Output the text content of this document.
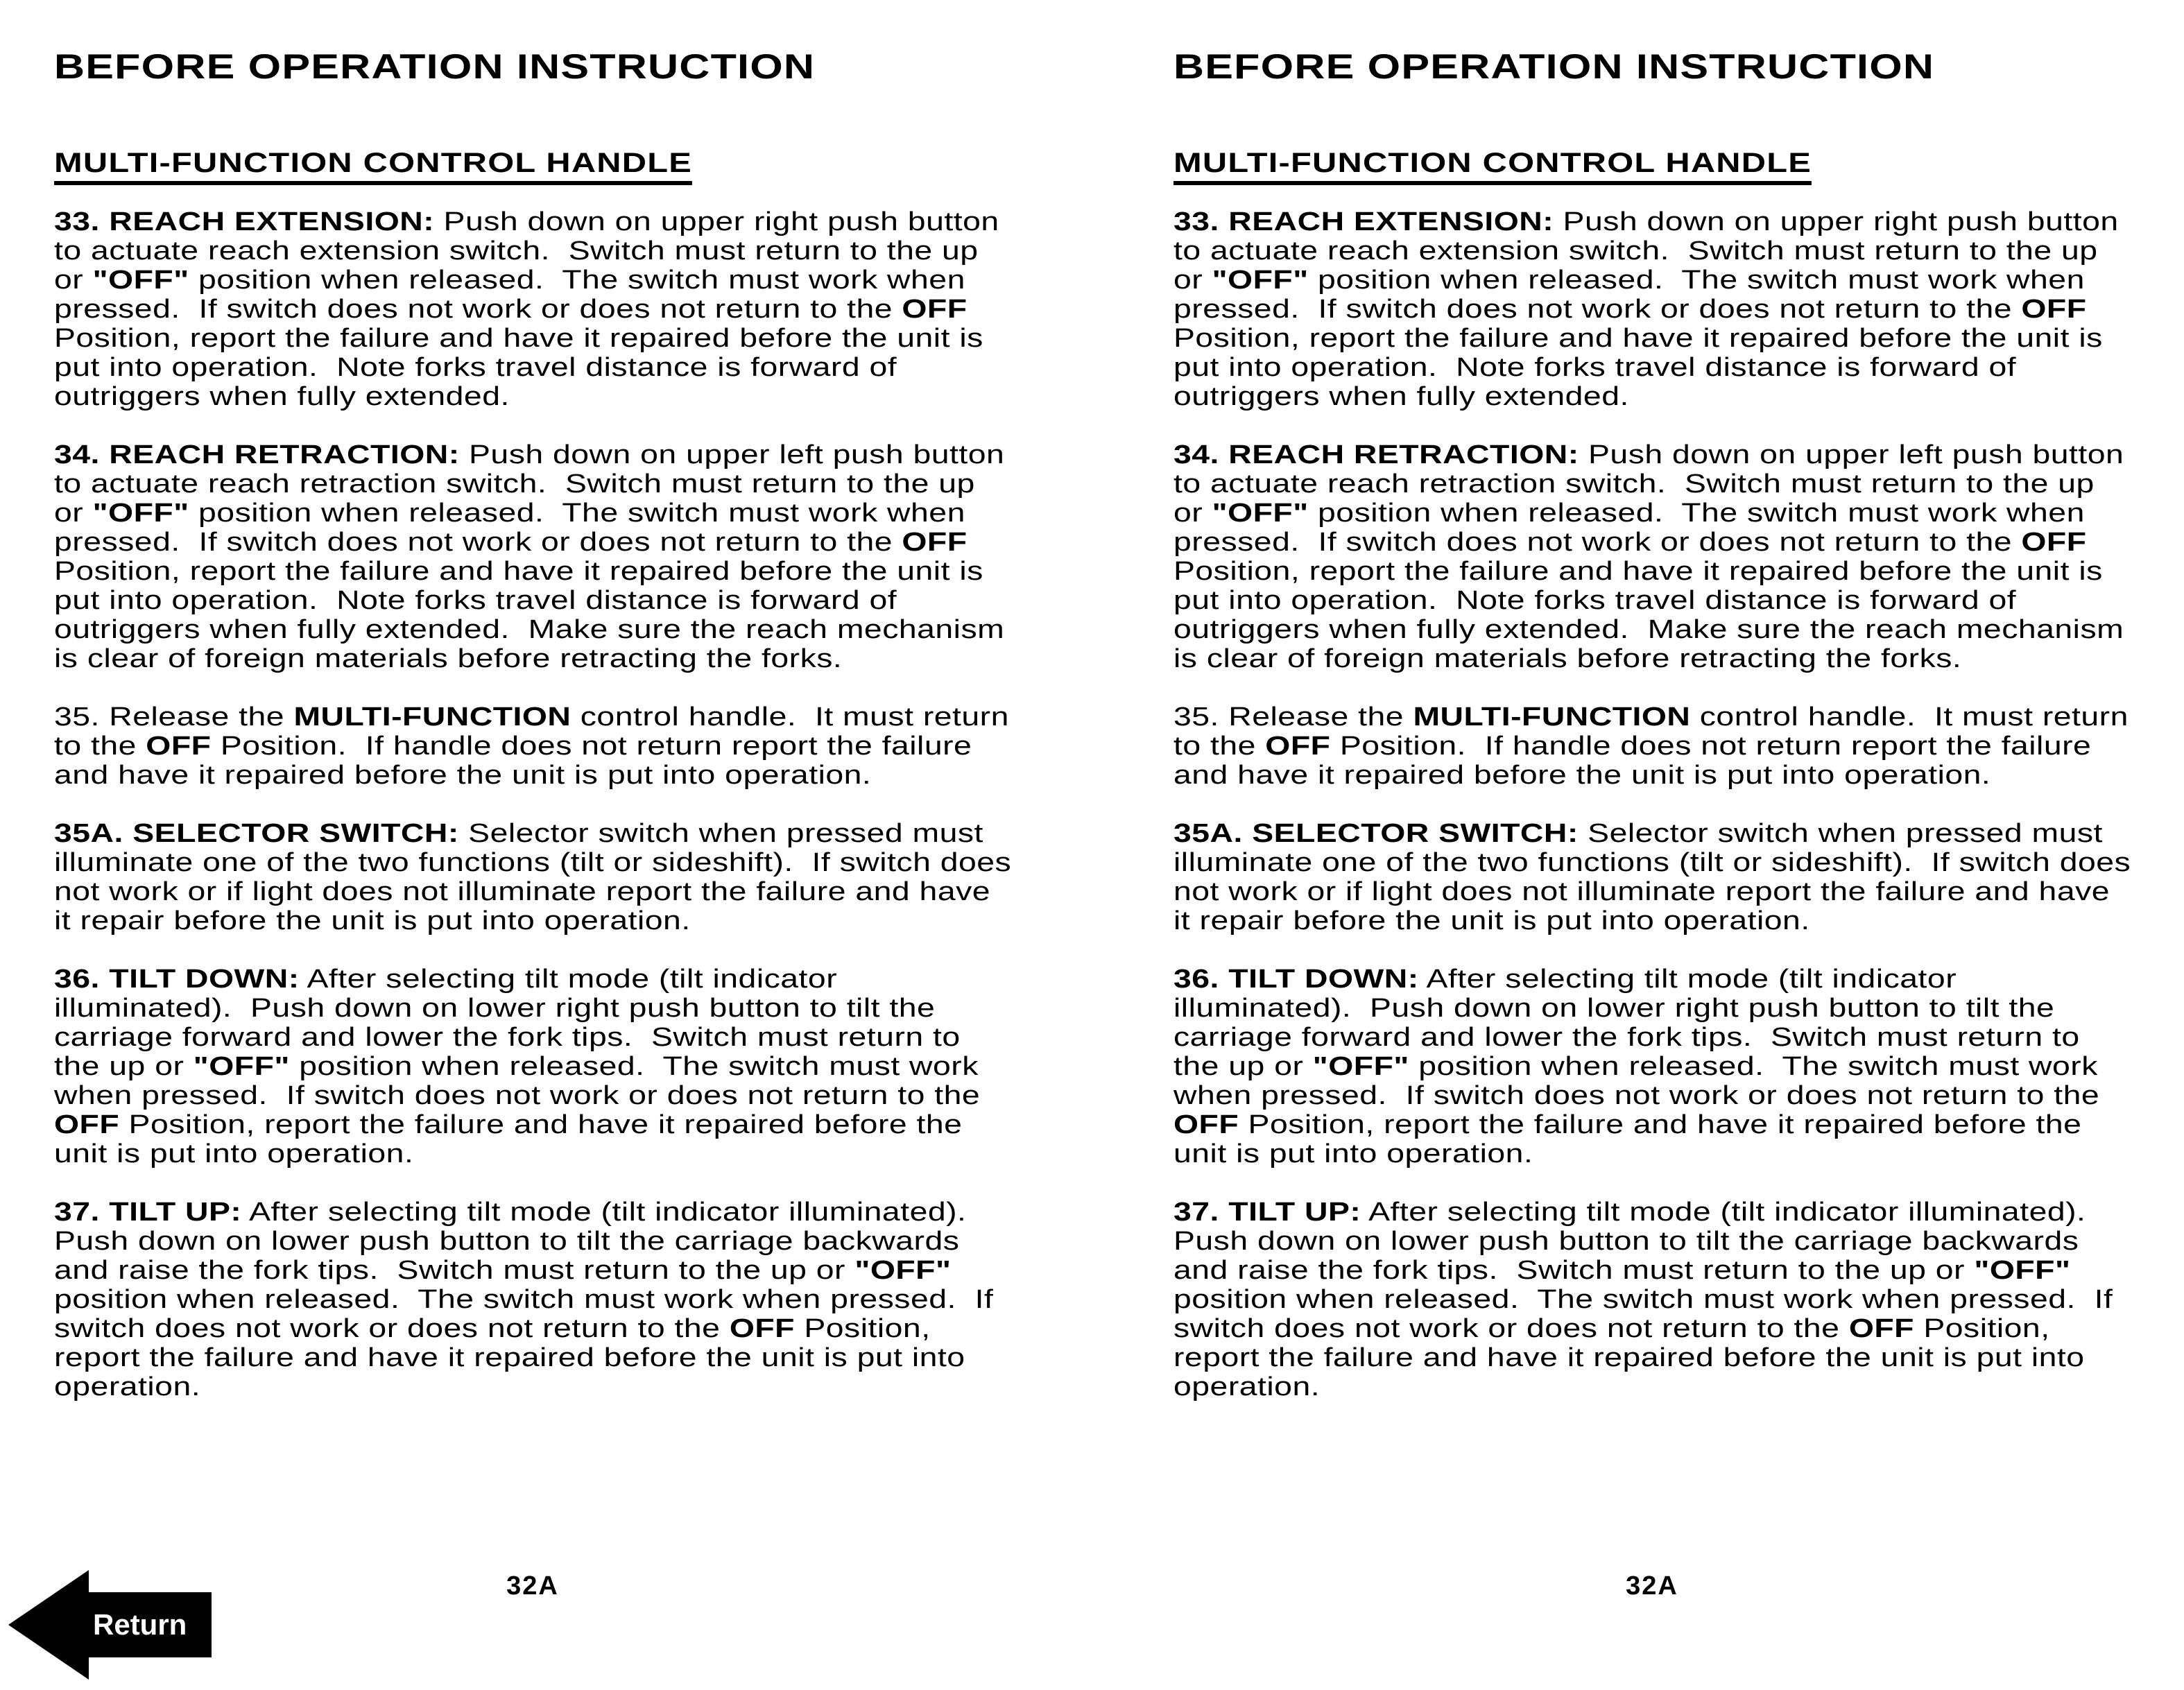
BEFORE OPERATION INSTRUCTION
MULTI-FUNCTION CONTROL HANDLE

33. REACH EXTENSION: Push down on upper right push button to actuate reach extension switch.  Switch must return to the up or "OFF" position when released.  The switch must work when pressed.  If switch does not work or does not return to the OFF Position, report the failure and have it repaired before the unit is put into operation.  Note forks travel distance is forward of outriggers when fully extended.

34. REACH RETRACTION: Push down on upper left push button to actuate reach retraction switch.  Switch must return to the up or "OFF" position when released.  The switch must work when pressed.  If switch does not work or does not return to the OFF Position, report the failure and have it repaired before the unit is put into operation.  Note forks travel distance is forward of outriggers when fully extended.  Make sure the reach mechanism is clear of foreign materials before retracting the forks.

35. Release the MULTI-FUNCTION control handle.  It must return to the OFF Position.  If handle does not return report the failure and have it repaired before the unit is put into operation.

35A. SELECTOR SWITCH: Selector switch when pressed must illuminate one of the two functions (tilt or sideshift).  If switch does not work or if light does not illuminate report the failure and have it repair before the unit is put into operation.

36. TILT DOWN: After selecting tilt mode (tilt indicator illuminated).  Push down on lower right push button to tilt the carriage forward and lower the fork tips.  Switch must return to the up or "OFF" position when released.  The switch must work when pressed.  If switch does not work or does not return to the OFF Position, report the failure and have it repaired before the unit is put into operation.

37. TILT UP: After selecting tilt mode (tilt indicator illuminated).  Push down on lower push button to tilt the carriage backwards and raise the fork tips.  Switch must return to the up or "OFF" position when released.  The switch must work when pressed.  If switch does not work or does not return to the OFF Position, report the failure and have it repaired before the unit is put into operation.

32A
BEFORE OPERATION INSTRUCTION
MULTI-FUNCTION CONTROL HANDLE

33. REACH EXTENSION: Push down on upper right push button to actuate reach extension switch.  Switch must return to the up or "OFF" position when released.  The switch must work when pressed.  If switch does not work or does not return to the OFF Position, report the failure and have it repaired before the unit is put into operation.  Note forks travel distance is forward of outriggers when fully extended.

34. REACH RETRACTION: Push down on upper left push button to actuate reach retraction switch.  Switch must return to the up or "OFF" position when released.  The switch must work when pressed.  If switch does not work or does not return to the OFF Position, report the failure and have it repaired before the unit is put into operation.  Note forks travel distance is forward of outriggers when fully extended.  Make sure the reach mechanism is clear of foreign materials before retracting the forks.

35. Release the MULTI-FUNCTION control handle.  It must return to the OFF Position.  If handle does not return report the failure and have it repaired before the unit is put into operation.

35A. SELECTOR SWITCH: Selector switch when pressed must illuminate one of the two functions (tilt or sideshift).  If switch does not work or if light does not illuminate report the failure and have it repair before the unit is put into operation.

36. TILT DOWN: After selecting tilt mode (tilt indicator illuminated).  Push down on lower right push button to tilt the carriage forward and lower the fork tips.  Switch must return to the up or "OFF" position when released.  The switch must work when pressed.  If switch does not work or does not return to the OFF Position, report the failure and have it repaired before the unit is put into operation.

37. TILT UP: After selecting tilt mode (tilt indicator illuminated).  Push down on lower push button to tilt the carriage backwards and raise the fork tips.  Switch must return to the up or "OFF" position when released.  The switch must work when pressed.  If switch does not work or does not return to the OFF Position, report the failure and have it repaired before the unit is put into operation.

32A
Return
